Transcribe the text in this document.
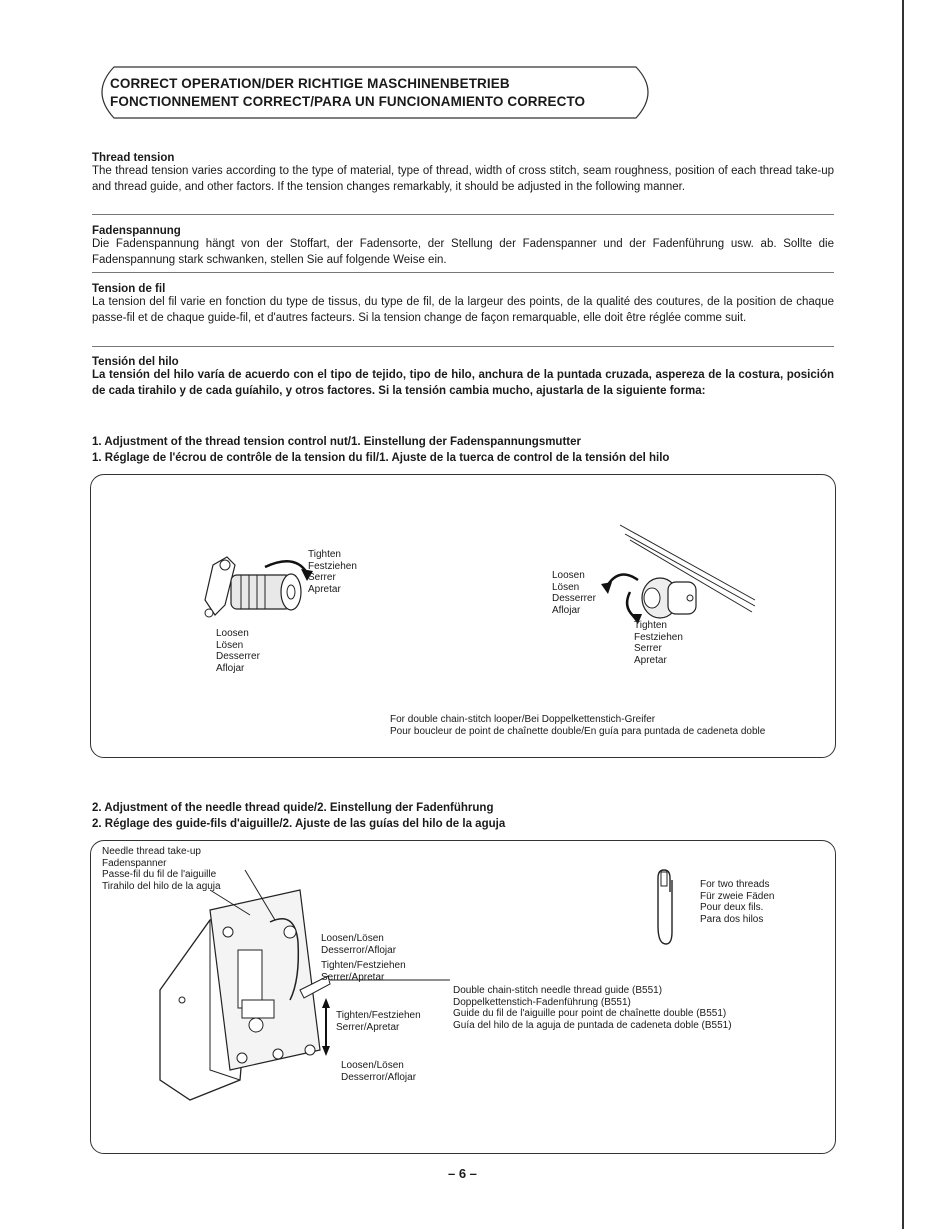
CORRECT OPERATION/DER RICHTIGE MASCHINENBETRIEB
FONCTIONNEMENT CORRECT/PARA UN FUNCIONAMIENTO CORRECTO
Thread tension
The thread tension varies according to the type of material, type of thread, width of cross stitch, seam roughness, position of each thread take-up and thread guide, and other factors. If the tension changes remarkably, it should be adjusted in the following manner.
Fadenspannung
Die Fadenspannung hängt von der Stoffart, der Fadensorte, der Stellung der Fadenspanner und der Fadenführung usw. ab. Sollte die Fadenspannung stark schwanken, stellen Sie auf folgende Weise ein.
Tension de fil
La tension del fil varie en fonction du type de tissus, du type de fil, de la largeur des points, de la qualité des coutures, de la position de chaque passe-fil et de chaque guide-fil, et d'autres facteurs. Si la tension change de façon remarquable, elle doit être réglée comme suit.
Tensión del hilo
La tensión del hilo varía de acuerdo con el tipo de tejido, tipo de hilo, anchura de la puntada cruzada, aspereza de la costura, posición de cada tirahilo y de cada guíahilo, y otros factores. Si la tensión cambia mucho, ajustarla de la siguiente forma:
1. Adjustment of the thread tension control nut/1. Einstellung der Fadenspannungsmutter
1. Réglage de l'écrou de contrôle de la tension du fil/1. Ajuste de la tuerca de control de la tensión del hilo
Tighten
Festziehen
Serrer
Apretar
Loosen
Lösen
Desserrer
Aflojar
Loosen
Lösen
Desserrer
Aflojar
Tighten
Festziehen
Serrer
Apretar
For double chain-stitch looper/Bei Doppelkettenstich-Greifer
Pour boucleur de point de chaînette double/En guía para puntada de cadeneta doble
2. Adjustment of the needle thread quide/2. Einstellung der Fadenführung
2. Réglage des guide-fils d'aiguille/2. Ajuste de las guías del hilo de la aguja
Needle thread take-up
Fadenspanner
Passe-fil du fil de l'aiguille
Tirahilo del hilo de la aguja
Loosen/Lösen
Desserror/Aflojar
Tighten/Festziehen
Serrer/Apretar
Tighten/Festziehen
Serrer/Apretar
Loosen/Lösen
Desserror/Aflojar
Double chain-stitch needle thread guide (B551)
Doppelkettenstich-Fadenführung (B551)
Guide du fil de l'aiguille pour point de chaînette double (B551)
Guía del hilo de la aguja de puntada de cadeneta doble (B551)
For two threads
Für zweie Fäden
Pour deux fils.
Para dos hilos
– 6 –
